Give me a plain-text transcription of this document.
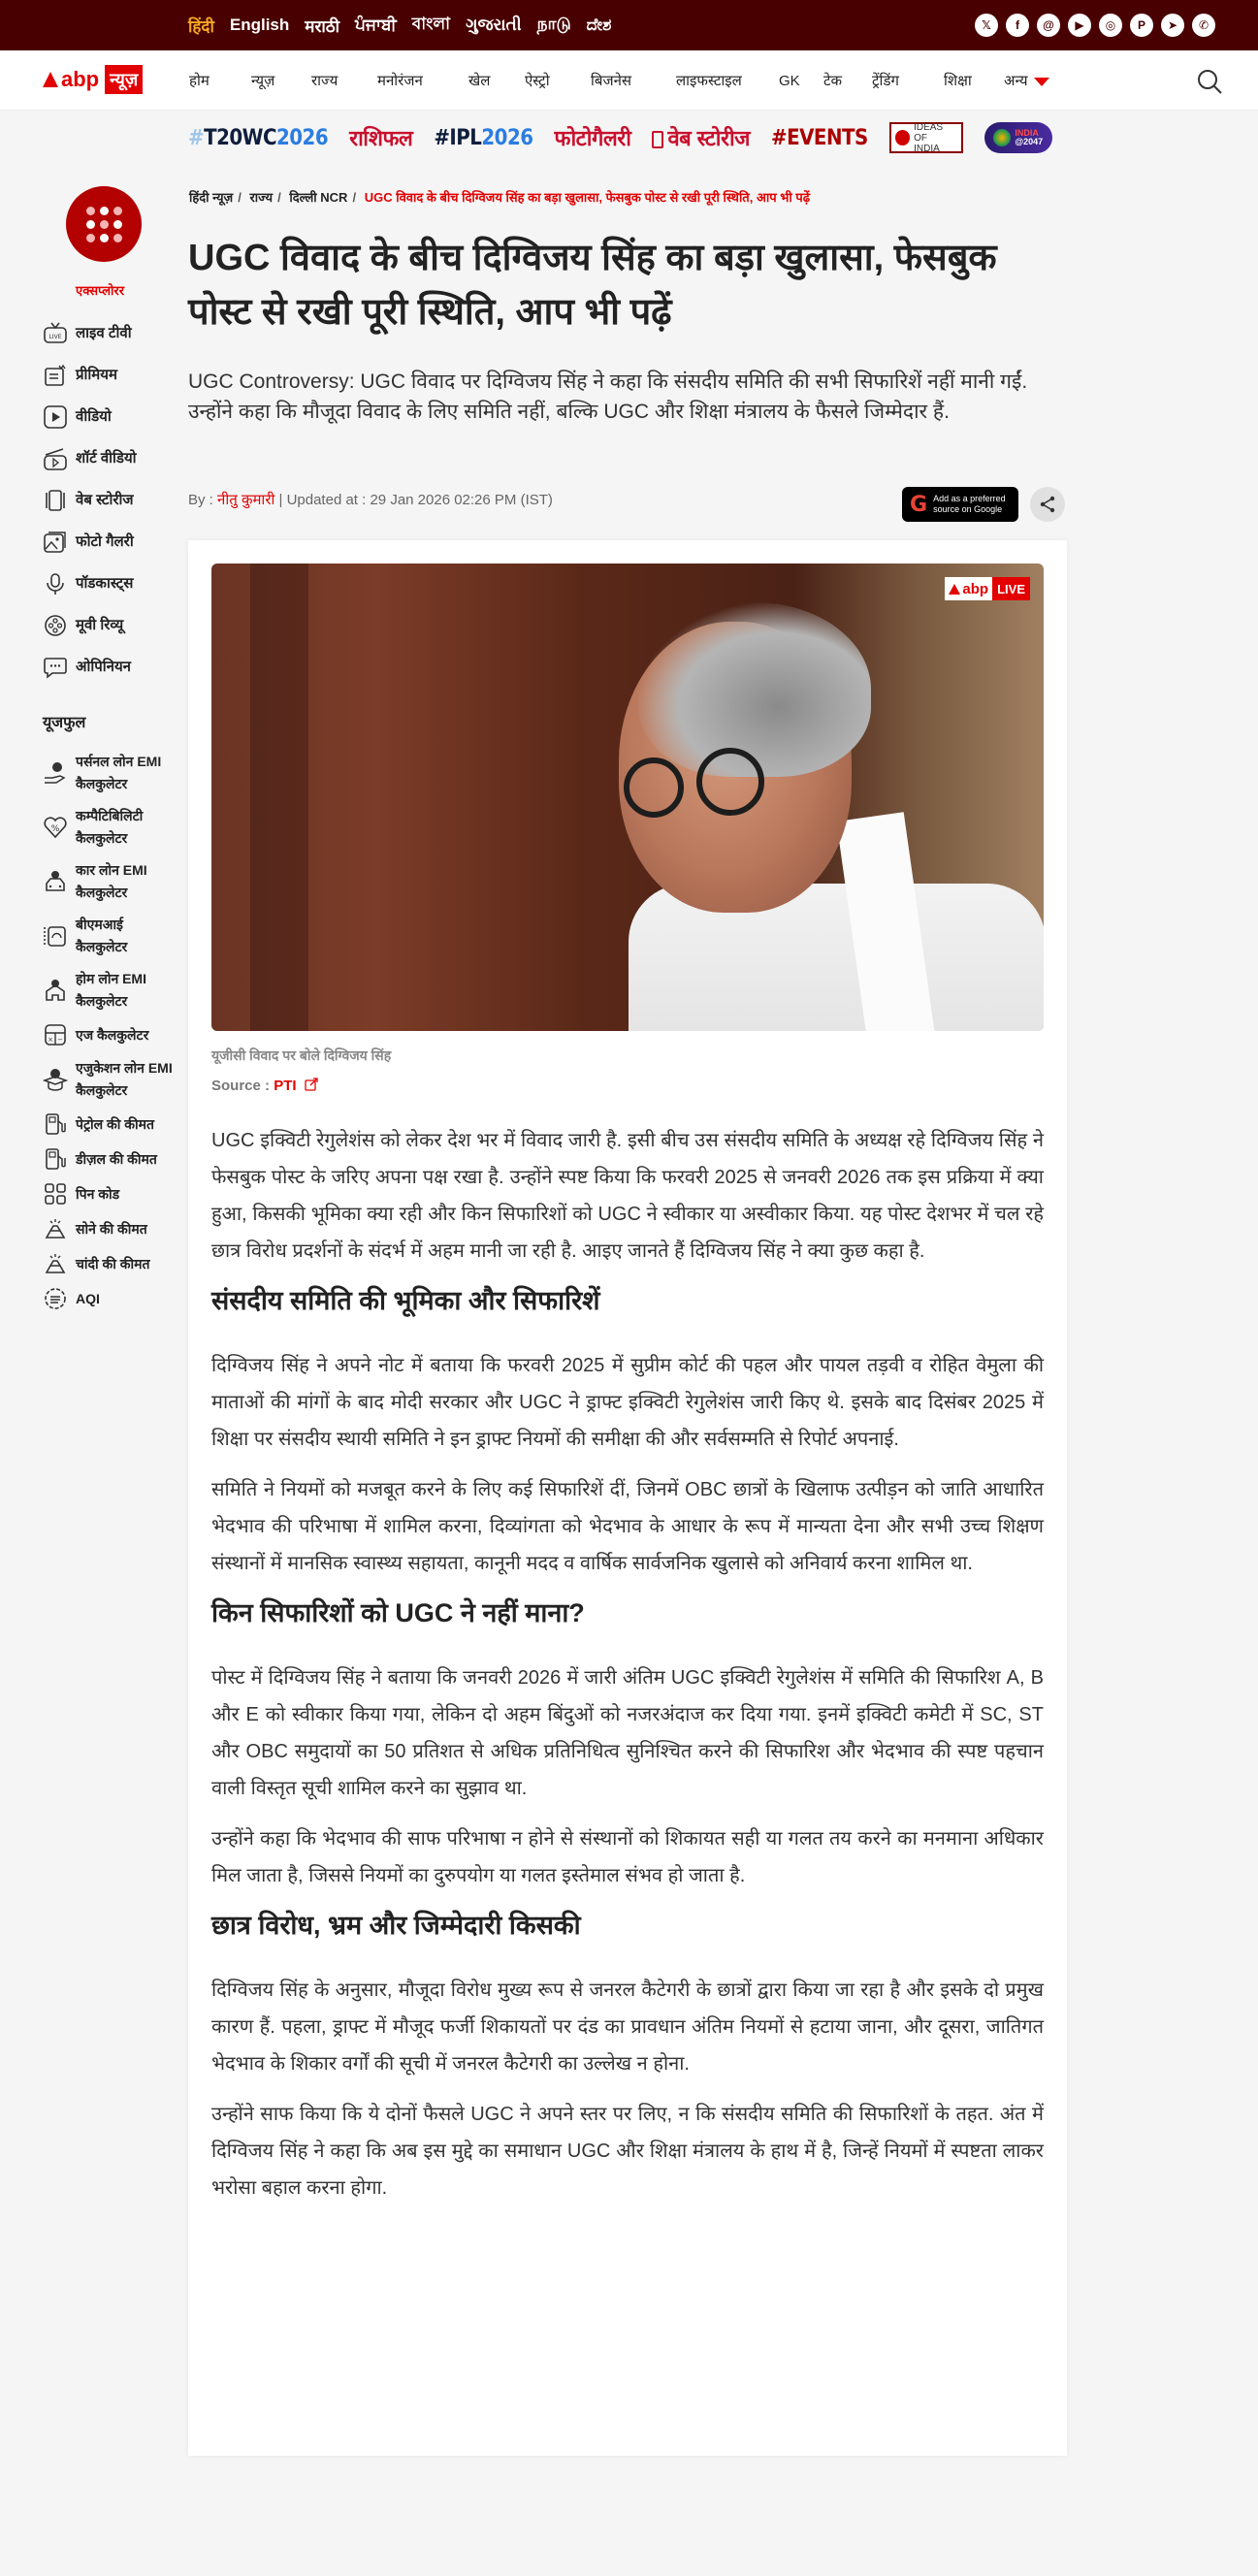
हिंदी English मराठी ਪੰਜਾਬੀ বাংলা ગુજરાતી நாடு ದೇಶ	𝕏	f	@	▶	◎	P	➤	✆
abp न्यूज़	होम	न्यूज़	राज्य	मनोरंजन	खेल	ऐस्ट्रो	बिजनेस	लाइफस्टाइल	GK	टेक	ट्रेंडिंग	शिक्षा	अन्य
#T20WC2026 राशिफल #IPL2026 फोटोगैलरी	वेब स्टोरीज #EVENTS	IDEAS OF
INDIA
INDIA
@2047
एक्सप्लोरर
LIVE लाइव टीवी
प्रीमियम
वीडियो
शॉर्ट वीडियो
वेब स्टोरीज
फोटो गैलरी
पॉडकास्ट्स
मूवी रिव्यू
ओपिनियन
यूजफुल
पर्सनल लोन EMI कैलकुलेटर
%
कम्पैटिबिलिटी कैलकुलेटर
कार लोन EMI कैलकुलेटर
बीएमआई कैलकुलेटर
होम लोन EMI कैलकुलेटर
× − एज कैलकुलेटर
एजुकेशन लोन EMI कैलकुलेटर
पेट्रोल की कीमत
डीज़ल की कीमत
पिन कोड
सोने की कीमत
चांदी की कीमत
AQI
हिंदी न्यूज़ / राज्य / दिल्ली NCR / UGC विवाद के बीच दिग्विजय सिंह का बड़ा खुलासा, फेसबुक पोस्ट से रखी पूरी स्थिति, आप भी पढ़ें
UGC विवाद के बीच दिग्विजय सिंह का बड़ा खुलासा, फेसबुक पोस्ट से रखी पूरी स्थिति, आप भी पढ़ें

UGC Controversy: UGC विवाद पर दिग्विजय सिंह ने कहा कि संसदीय समिति की सभी सिफारिशें नहीं मानी गईं. उन्होंने कहा कि मौजूदा विवाद के लिए समिति नहीं, बल्कि UGC और शिक्षा मंत्रालय के फैसले जिम्मेदार हैं.

By : नीतु कुमारी | Updated at : 29 Jan 2026 02:26 PM (IST)	G Add as a preferred source on Google
abp LIVE
यूजीसी विवाद पर बोले दिग्विजय सिंह
Source : PTI

UGC इक्विटी रेगुलेशंस को लेकर देश भर में विवाद जारी है. इसी बीच उस संसदीय समिति के अध्यक्ष रहे दिग्विजय सिंह ने फेसबुक पोस्ट के जरिए अपना पक्ष रखा है. उन्होंने स्पष्ट किया कि फरवरी 2025 से जनवरी 2026 तक इस प्रक्रिया में क्या हुआ, किसकी भूमिका क्या रही और किन सिफारिशों को UGC ने स्वीकार या अस्वीकार किया. यह पोस्ट देशभर में चल रहे छात्र विरोध प्रदर्शनों के संदर्भ में अहम मानी जा रही है. आइए जानते हैं दिग्विजय सिंह ने क्या कुछ कहा है.

संसदीय समिति की भूमिका और सिफारिशें

दिग्विजय सिंह ने अपने नोट में बताया कि फरवरी 2025 में सुप्रीम कोर्ट की पहल और पायल तड़वी व रोहित वेमुला की माताओं की मांगों के बाद मोदी सरकार और UGC ने ड्राफ्ट इक्विटी रेगुलेशंस जारी किए थे. इसके बाद दिसंबर 2025 में शिक्षा पर संसदीय स्थायी समिति ने इन ड्राफ्ट नियमों की समीक्षा की और सर्वसम्मति से रिपोर्ट अपनाई.

समिति ने नियमों को मजबूत करने के लिए कई सिफारिशें दीं, जिनमें OBC छात्रों के खिलाफ उत्पीड़न को जाति आधारित भेदभाव की परिभाषा में शामिल करना, दिव्यांगता को भेदभाव के आधार के रूप में मान्यता देना और सभी उच्च शिक्षण संस्थानों में मानसिक स्वास्थ्य सहायता, कानूनी मदद व वार्षिक सार्वजनिक खुलासे को अनिवार्य करना शामिल था.

किन सिफारिशों को UGC ने नहीं माना?

पोस्ट में दिग्विजय सिंह ने बताया कि जनवरी 2026 में जारी अंतिम UGC इक्विटी रेगुलेशंस में समिति की सिफारिश A, B और E को स्वीकार किया गया, लेकिन दो अहम बिंदुओं को नजरअंदाज कर दिया गया. इनमें इक्विटी कमेटी में SC, ST और OBC समुदायों का 50 प्रतिशत से अधिक प्रतिनिधित्व सुनिश्चित करने की सिफारिश और भेदभाव की स्पष्ट पहचान वाली विस्तृत सूची शामिल करने का सुझाव था.

उन्होंने कहा कि भेदभाव की साफ परिभाषा न होने से संस्थानों को शिकायत सही या गलत तय करने का मनमाना अधिकार मिल जाता है, जिससे नियमों का दुरुपयोग या गलत इस्तेमाल संभव हो जाता है.

छात्र विरोध, भ्रम और जिम्मेदारी किसकी

दिग्विजय सिंह के अनुसार, मौजूदा विरोध मुख्य रूप से जनरल कैटेगरी के छात्रों द्वारा किया जा रहा है और इसके दो प्रमुख कारण हैं. पहला, ड्राफ्ट में मौजूद फर्जी शिकायतों पर दंड का प्रावधान अंतिम नियमों से हटाया जाना, और दूसरा, जातिगत भेदभाव के शिकार वर्गों की सूची में जनरल कैटेगरी का उल्लेख न होना.

उन्होंने साफ किया कि ये दोनों फैसले UGC ने अपने स्तर पर लिए, न कि संसदीय समिति की सिफारिशों के तहत. अंत में दिग्विजय सिंह ने कहा कि अब इस मुद्दे का समाधान UGC और शिक्षा मंत्रालय के हाथ में है, जिन्हें नियमों में स्पष्टता लाकर भरोसा बहाल करना होगा.
